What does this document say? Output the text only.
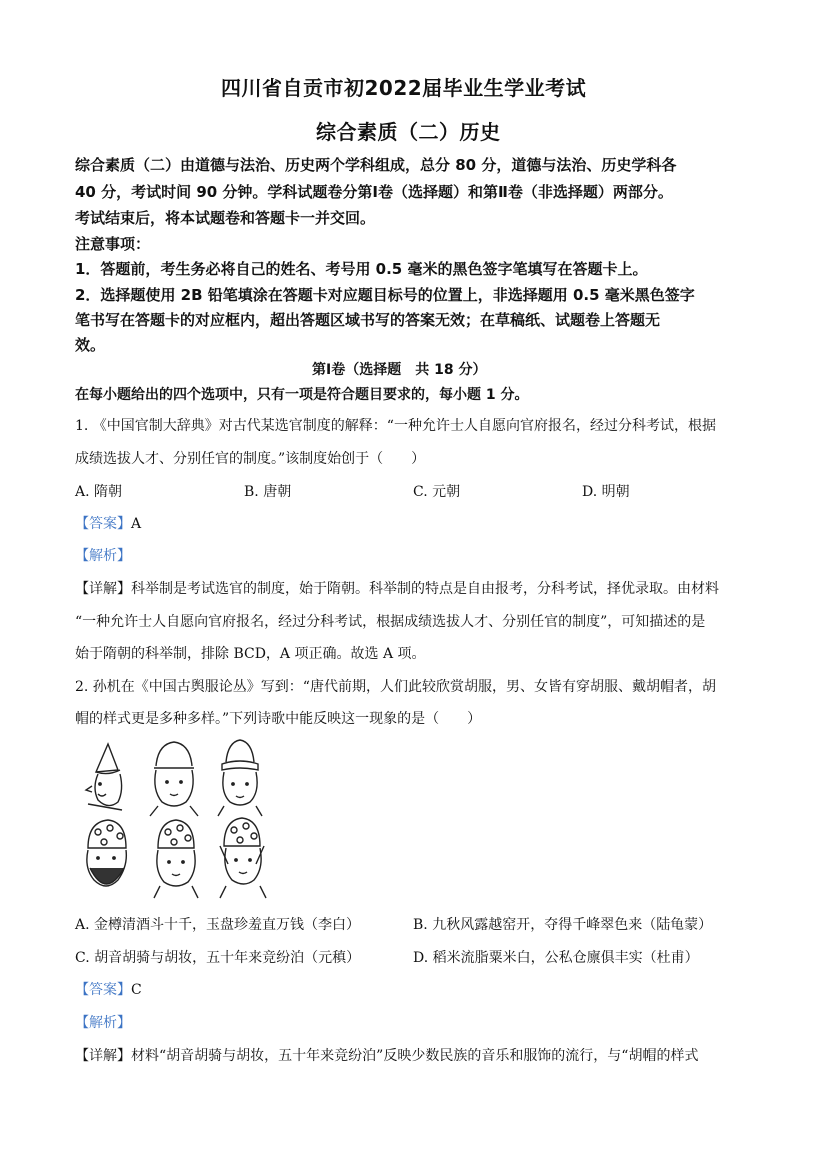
四川省自贡市初2022届毕业生学业考试
综合素质（二）历史
综合素质（二）由道德与法治、历史两个学科组成，总分 80 分，道德与法治、历史学科各
40 分，考试时间 90 分钟。学科试题卷分第Ⅰ卷（选择题）和第Ⅱ卷（非选择题）两部分。
考试结束后，将本试题卷和答题卡一并交回。
注意事项：
1．答题前，考生务必将自己的姓名、考号用 0.5 毫米的黑色签字笔填写在答题卡上。
2．选择题使用 2B 铅笔填涂在答题卡对应题目标号的位置上，非选择题用 0.5 毫米黑色签字
笔书写在答题卡的对应框内，超出答题区域书写的答案无效；在草稿纸、试题卷上答题无
效。
第Ⅰ卷（选择题　共 18 分）
在每小题给出的四个选项中，只有一项是符合题目要求的，每小题 1 分。
1. 《中国官制大辞典》对古代某选官制度的解释：“一种允许士人自愿向官府报名，经过分科考试，根据
成绩选拔人才、分别任官的制度。”该制度始创于（　　）
A. 隋朝	B. 唐朝	C. 元朝	D. 明朝
【答案】A
【解析】
【详解】科举制是考试选官的制度，始于隋朝。科举制的特点是自由报考，分科考试，择优录取。由材料
“一种允许士人自愿向官府报名，经过分科考试，根据成绩选拔人才、分别任官的制度”，可知描述的是
始于隋朝的科举制，排除 BCD，A 项正确。故选 A 项。
2. 孙机在《中国古舆服论丛》写到：“唐代前期，人们此较欣赏胡服，男、女皆有穿胡服、戴胡帽者，胡
帽的样式更是多种多样。”下列诗歌中能反映这一现象的是（　　）
A. 金樽清酒斗十千，玉盘珍羞直万钱（李白）	B. 九秋风露越窑开，夺得千峰翠色来（陆龟蒙）
C. 胡音胡骑与胡妆，五十年来竞纷泊（元稹）	D. 稻米流脂粟米白，公私仓廪俱丰实（杜甫）
【答案】C
【解析】
【详解】材料“胡音胡骑与胡妆，五十年来竞纷泊”反映少数民族的音乐和服饰的流行，与“胡帽的样式
